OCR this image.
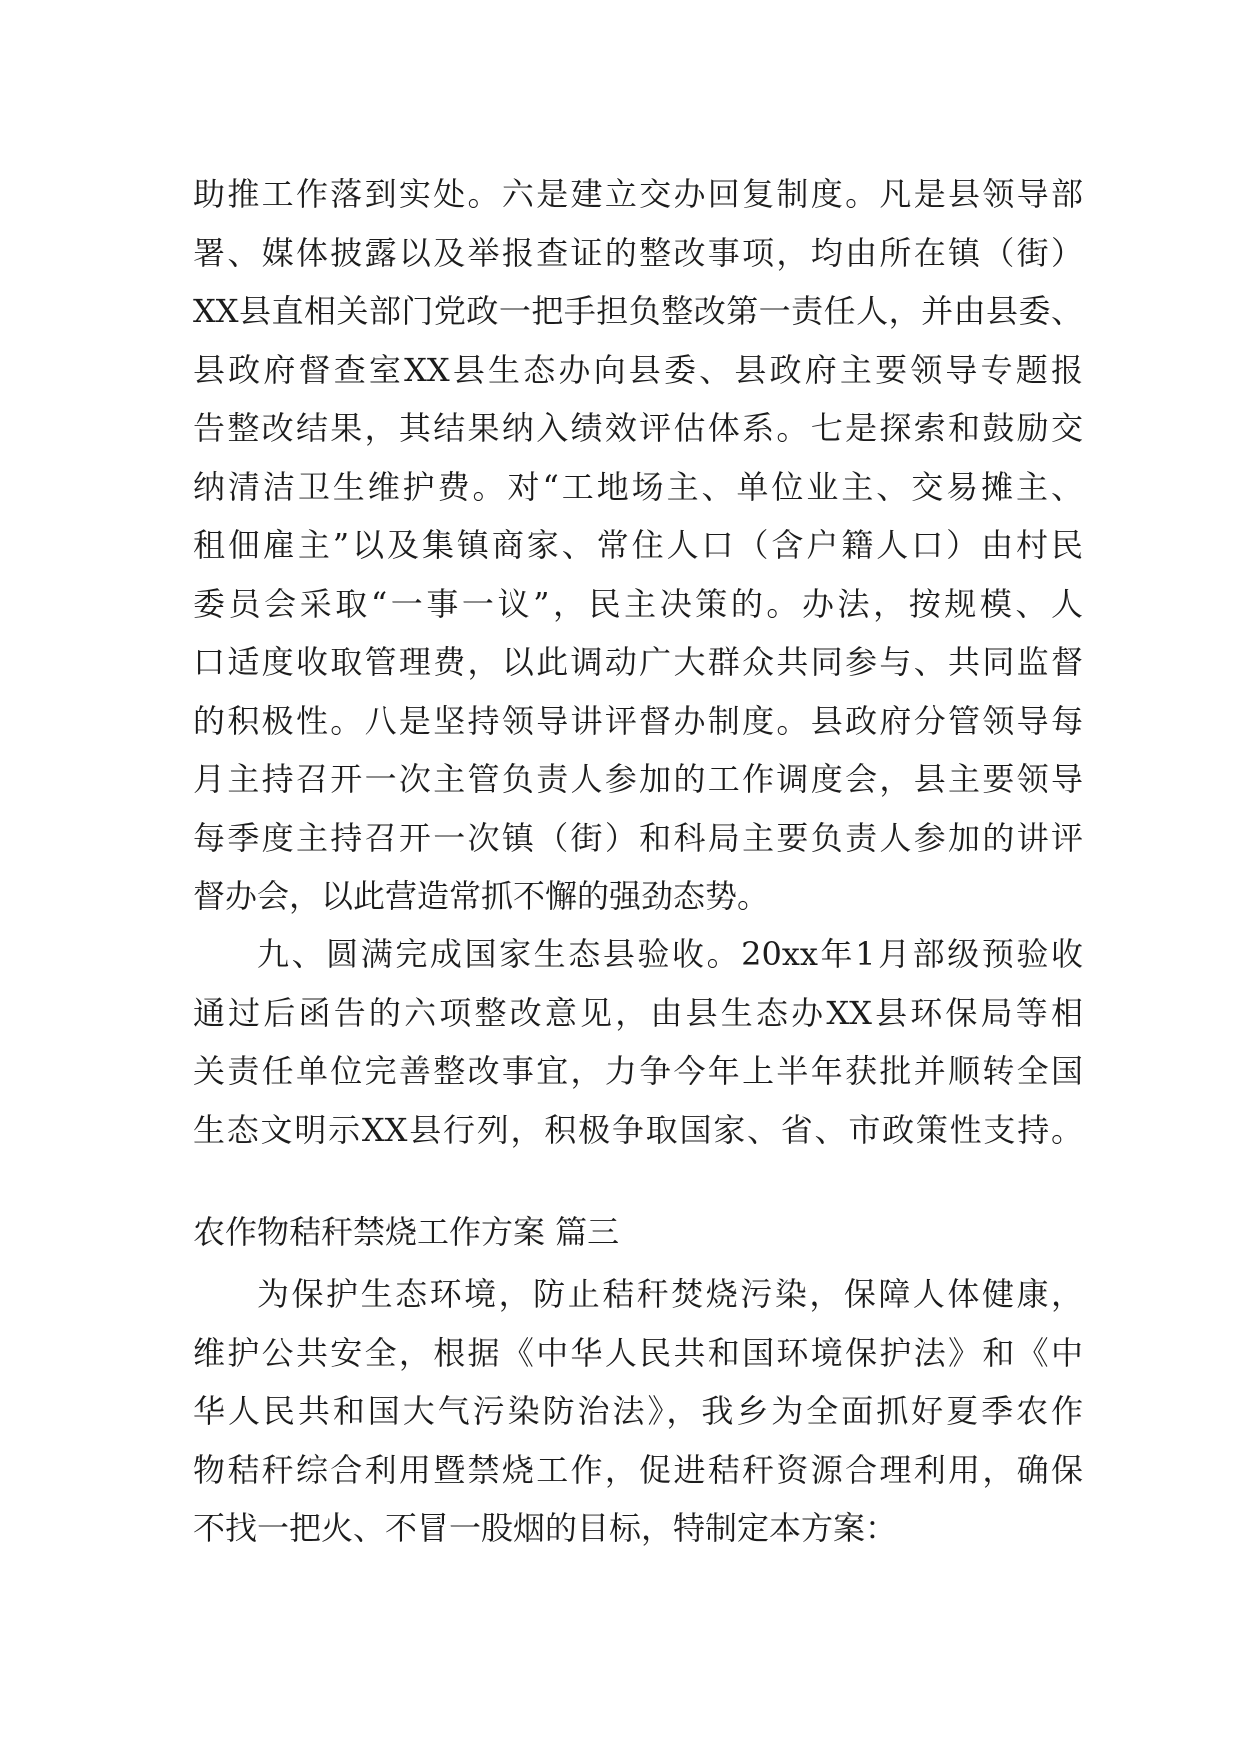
助推工作落到实处。六是建立交办回复制度。凡是县领导部
署、媒体披露以及举报查证的整改事项，均由所在镇（街）
XX县直相关部门党政一把手担负整改第一责任人，并由县委、
县政府督查室XX县生态办向县委、县政府主要领导专题报
告整改结果，其结果纳入绩效评估体系。七是探索和鼓励交
纳清洁卫生维护费。对“工地场主、单位业主、交易摊主、
租佃雇主”以及集镇商家、常住人口（含户籍人口）由村民
委员会采取“一事一议”，民主决策的。办法，按规模、人
口适度收取管理费，以此调动广大群众共同参与、共同监督
的积极性。八是坚持领导讲评督办制度。县政府分管领导每
月主持召开一次主管负责人参加的工作调度会，县主要领导
每季度主持召开一次镇（街）和科局主要负责人参加的讲评
督办会，以此营造常抓不懈的强劲态势。
九、圆满完成国家生态县验收。20xx年1月部级预验收
通过后函告的六项整改意见，由县生态办XX县环保局等相
关责任单位完善整改事宜，力争今年上半年获批并顺转全国
生态文明示XX县行列，积极争取国家、省、市政策性支持。
农作物秸秆禁烧工作方案 篇三
为保护生态环境，防止秸秆焚烧污染，保障人体健康，
维护公共安全，根据《中华人民共和国环境保护法》和《中
华人民共和国大气污染防治法》，我乡为全面抓好夏季农作
物秸秆综合利用暨禁烧工作，促进秸秆资源合理利用，确保
不找一把火、不冒一股烟的目标，特制定本方案：
